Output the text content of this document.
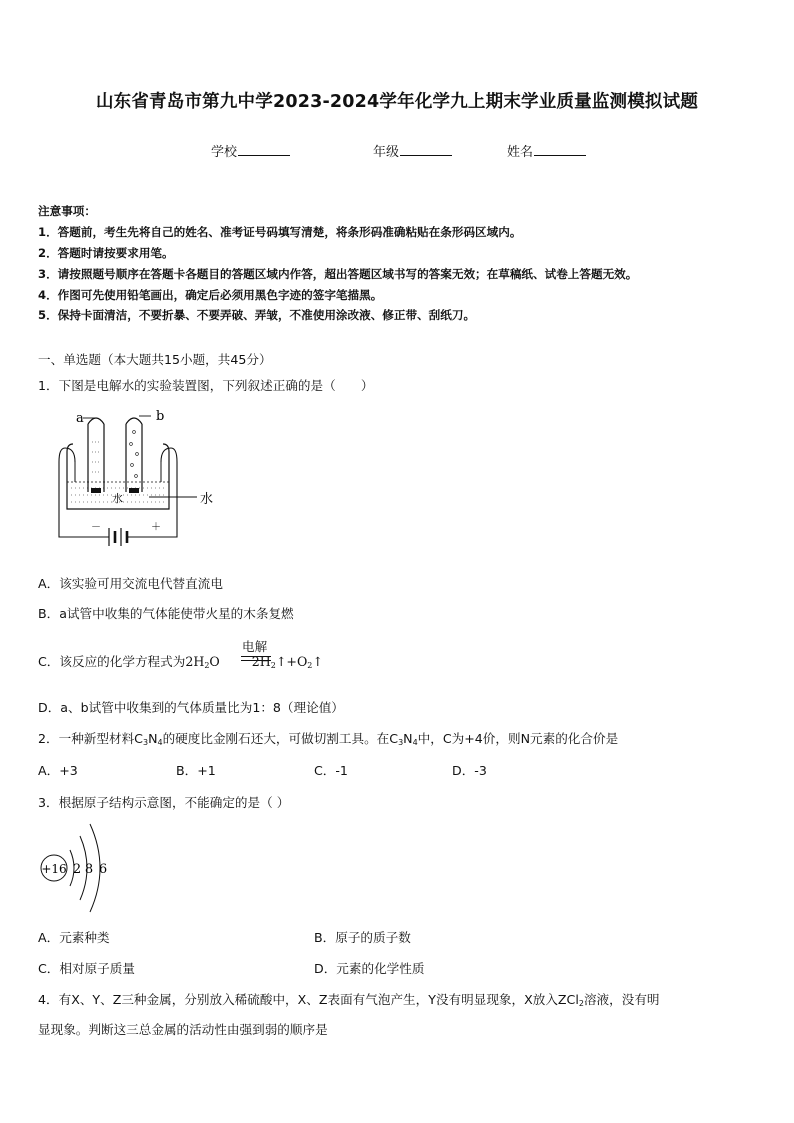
山东省青岛市第九中学2023-2024学年化学九上期末学业质量监测模拟试题
学校	年级	姓名
注意事项：
1．答题前，考生先将自己的姓名、准考证号码填写清楚，将条形码准确粘贴在条形码区域内。
2．答题时请按要求用笔。
3．请按照题号顺序在答题卡各题目的答题区域内作答，超出答题区域书写的答案无效；在草稿纸、试卷上答题无效。
4．作图可先使用铅笔画出，确定后必须用黑色字迹的签字笔描黑。
5．保持卡面清洁，不要折暴、不要弄破、弄皱，不准使用涂改液、修正带、刮纸刀。
一、单选题（本大题共15小题，共45分）
1．下图是电解水的实验装置图，下列叙述正确的是（　　）
a	b
水	水
－	＋
A．该实验可用交流电代替直流电
B．a试管中收集的气体能使带火星的木条复燃
C．该反应的化学方程式为$2H_2O$	$2H_2↑+O_2↑$
电解
D．a、b试管中收集到的气体质量比为1：8（理论值）
2．一种新型材料$C_3N_4$的硬度比金刚石还大，可做切割工具。在$C_3N_4$中，C为+4价，则N元素的化合价是
A．+3	B．+1	C．-1	D．-3
3．根据原子结构示意图，不能确定的是（ ）
+16 2 8 6
A．元素种类	B．原子的质子数
C．相对原子质量	D．元素的化学性质
4．有X、Y、Z三种金属，分别放入稀硫酸中，X、Z表面有气泡产生，Y没有明显现象，X放入ZCl$_2$溶液，没有明
显现象。判断这三总金属的活动性由强到弱的顺序是
